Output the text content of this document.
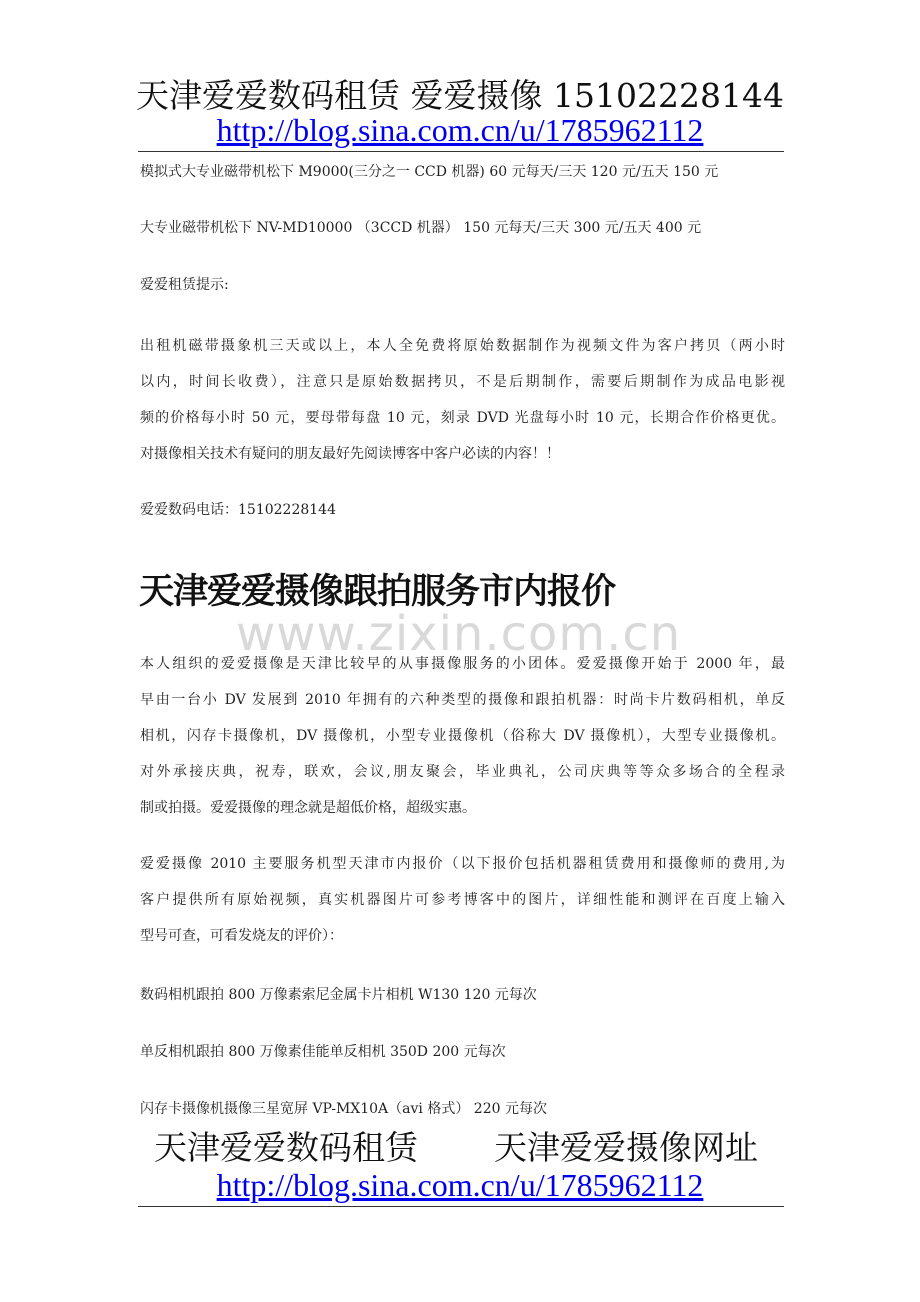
天津爱爱数码租赁 爱爱摄像 15102228144
http://blog.sina.com.cn/u/1785962112

模拟式大专业磁带机松下 M9000(三分之一 CCD 机器) 60 元每天/三天 120 元/五天 150 元

大专业磁带机松下 NV-MD10000 （3CCD 机器） 150 元每天/三天 300 元/五天 400 元

爱爱租赁提示:

出租机磁带摄象机三天或以上，本人全免费将原始数据制作为视频文件为客户拷贝（两小时
以内，时间长收费），注意只是原始数据拷贝，不是后期制作，需要后期制作为成品电影视
频的价格每小时 50 元，要母带每盘 10 元，刻录 DVD 光盘每小时 10 元，长期合作价格更优。
对摄像相关技术有疑问的朋友最好先阅读博客中客户必读的内容！！

爱爱数码电话：15102228144

www.zixin.com.cn
天津爱爱摄像跟拍服务市内报价

本人组织的爱爱摄像是天津比较早的从事摄像服务的小团体。爱爱摄像开始于 2000 年，最
早由一台小 DV 发展到 2010 年拥有的六种类型的摄像和跟拍机器：时尚卡片数码相机，单反
相机，闪存卡摄像机，DV 摄像机，小型专业摄像机（俗称大 DV 摄像机），大型专业摄像机。
对外承接庆典，祝寿，联欢，会议,朋友聚会，毕业典礼，公司庆典等等众多场合的全程录
制或拍摄。爱爱摄像的理念就是超低价格，超级实惠。

爱爱摄像 2010 主要服务机型天津市内报价（以下报价包括机器租赁费用和摄像师的费用,为
客户提供所有原始视频，真实机器图片可参考博客中的图片，详细性能和测评在百度上输入
型号可查，可看发烧友的评价）：

数码相机跟拍 800 万像素索尼金属卡片相机 W130 120 元每次

单反相机跟拍 800 万像素佳能单反相机 350D 200 元每次

闪存卡摄像机摄像三星宽屏 VP-MX10A（avi 格式） 220 元每次

天津爱爱数码租赁 天津爱爱摄像网址
http://blog.sina.com.cn/u/1785962112
